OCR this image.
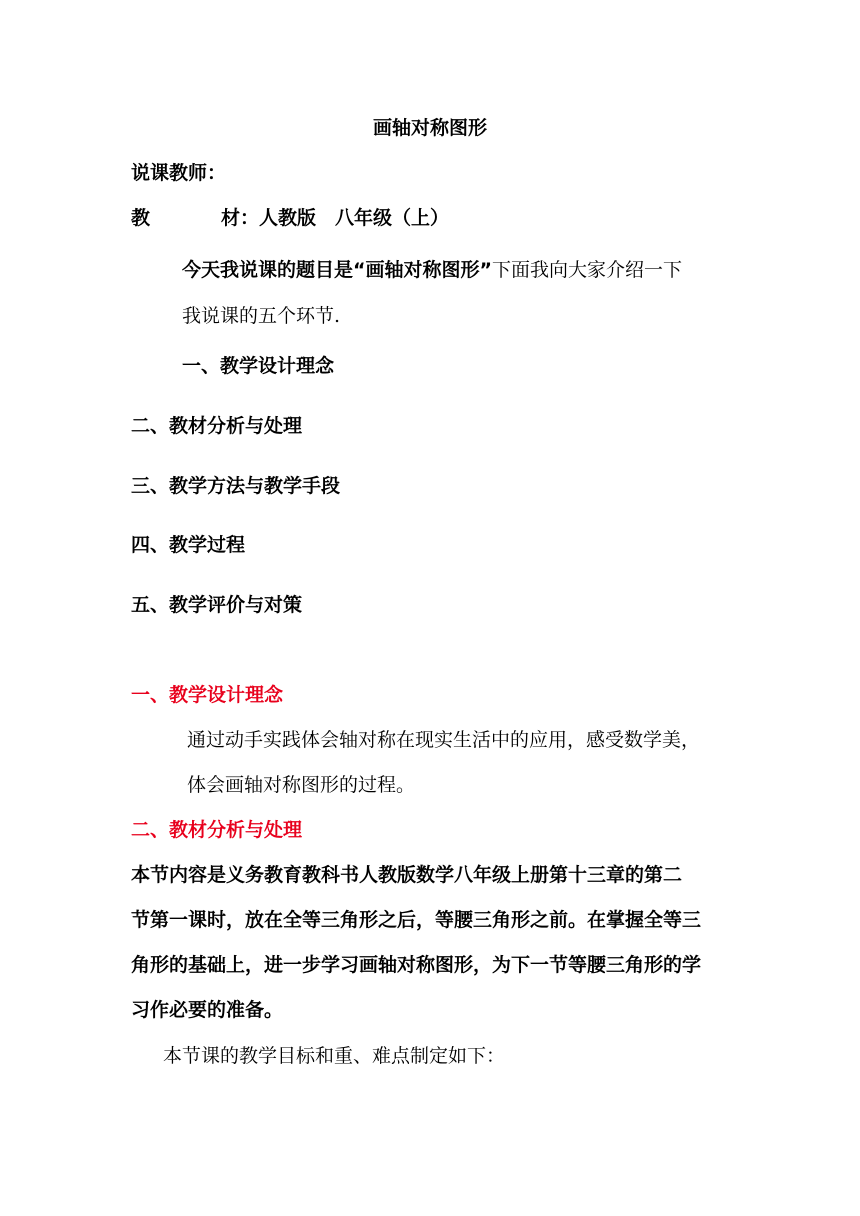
画轴对称图形
说课教师：
教	材：人教版　八年级（上）
今天我说课的题目是“画轴对称图形”下面我向大家介绍一下
我说课的五个环节.
一、教学设计理念
二、教材分析与处理
三、教学方法与教学手段
四、教学过程
五、教学评价与对策
一、教学设计理念
通过动手实践体会轴对称在现实生活中的应用，感受数学美，
体会画轴对称图形的过程。
二、教材分析与处理
本节内容是义务教育教科书人教版数学八年级上册第十三章的第二
节第一课时，放在全等三角形之后，等腰三角形之前。在掌握全等三
角形的基础上，进一步学习画轴对称图形，为下一节等腰三角形的学
习作必要的准备。
本节课的教学目标和重、难点制定如下：
